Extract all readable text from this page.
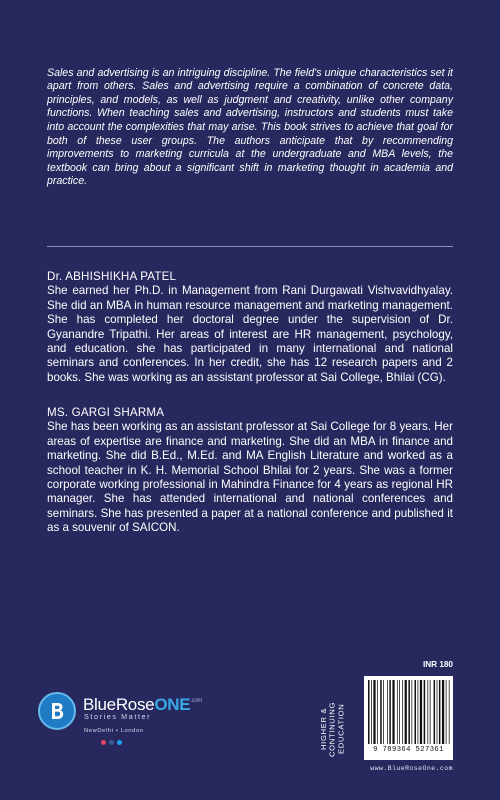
Sales and advertising is an intriguing discipline. The field's unique characteristics set it apart from others. Sales and advertising require a combination of concrete data, principles, and models, as well as judgment and creativity, unlike other company functions. When teaching sales and advertising, instructors and students must take into account the complexities that may arise. This book strives to achieve that goal for both of these user groups. The authors anticipate that by recommending improvements to marketing curricula at the undergraduate and MBA levels, the textbook can bring about a significant shift in marketing thought in academia and practice.

Dr. ABHISHIKHA PATEL
She earned her Ph.D. in Management from Rani Durgawati Vishvavidhyalay. She did an MBA in human resource management and marketing management. She has completed her doctoral degree under the supervision of Dr. Gyanandre Tripathi. Her areas of interest are HR management, psychology, and education. she has participated in many international and national seminars and conferences. In her credit, she has 12 research papers and 2 books. She was working as an assistant professor at Sai College, Bhilai (CG).
MS. GARGI SHARMA
She has been working as an assistant professor at Sai College for 8 years. Her areas of expertise are finance and marketing. She did an MBA in finance and marketing. She did B.Ed., M.Ed. and MA English Literature and worked as a school teacher in K. H. Memorial School Bhilai for 2 years. She was a former corporate working professional in Mahindra Finance for 4 years as regional HR manager. She has attended international and national conferences and seminars. She has presented a paper at a national conference and published it as a souvenir of SAICON.
BlueRoseONE$^{.com}$
Stories Matter
NewDelhi • London	HIGHER & CONTINUING EDUCATION
INR 180
9 789364 527361
www.BlueRoseOne.com
